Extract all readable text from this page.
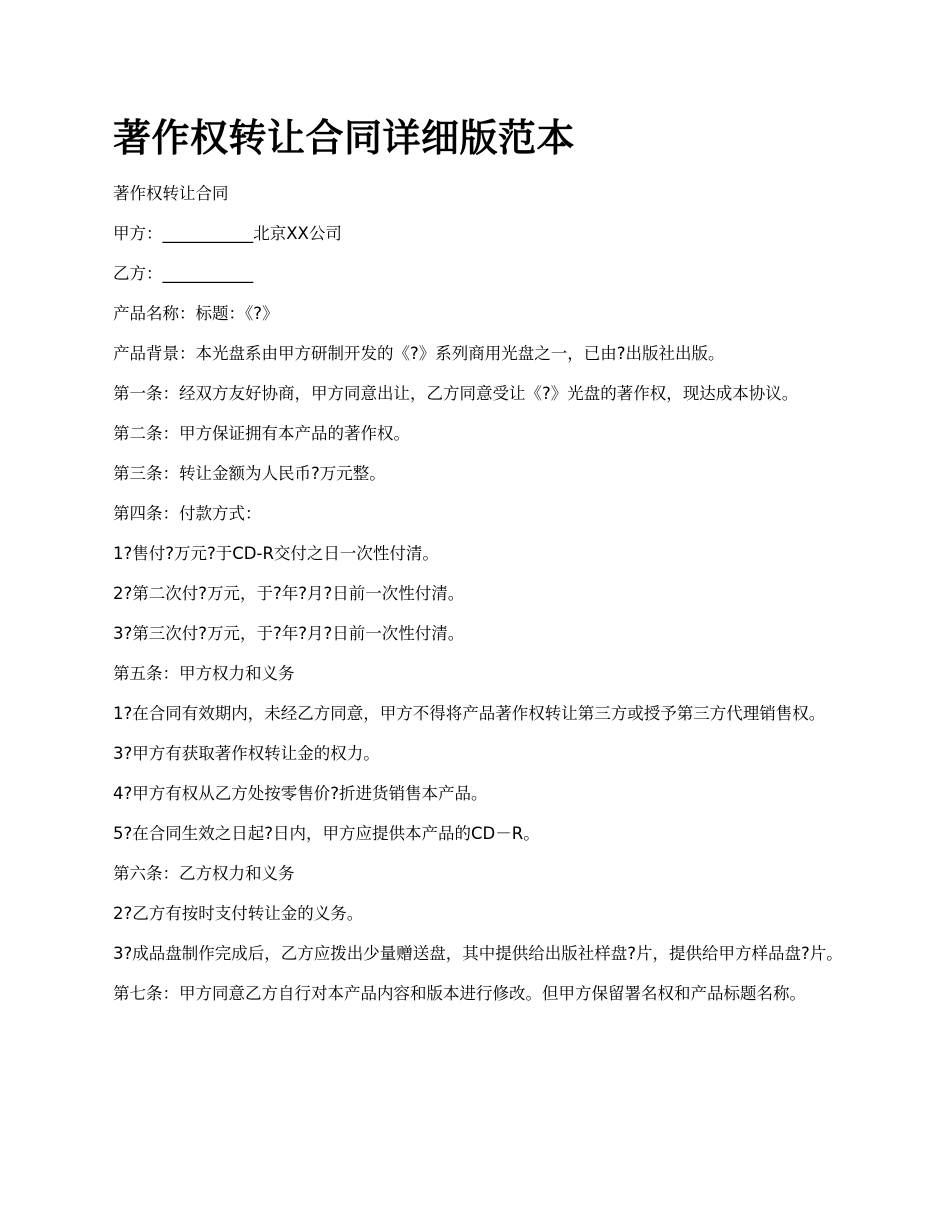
著作权转让合同详细版范本

著作权转让合同

甲方：___________北京XX公司

乙方：___________

产品名称：标题：《?》

产品背景：本光盘系由甲方研制开发的《?》系列商用光盘之一，已由?出版社出版。

第一条：经双方友好协商，甲方同意出让，乙方同意受让《?》光盘的著作权，现达成本协议。

第二条：甲方保证拥有本产品的著作权。

第三条：转让金额为人民币?万元整。

第四条：付款方式：

1?售付?万元?于CD-R交付之日一次性付清。

2?第二次付?万元，于?年?月?日前一次性付清。

3?第三次付?万元，于?年?月?日前一次性付清。

第五条：甲方权力和义务

1?在合同有效期内，未经乙方同意，甲方不得将产品著作权转让第三方或授予第三方代理销售权。

3?甲方有获取著作权转让金的权力。

4?甲方有权从乙方处按零售价?折进货销售本产品。

5?在合同生效之日起?日内，甲方应提供本产品的CD－R。

第六条：乙方权力和义务

2?乙方有按时支付转让金的义务。

3?成品盘制作完成后，乙方应拨出少量赠送盘，其中提供给出版社样盘?片，提供给甲方样品盘?片。

第七条：甲方同意乙方自行对本产品内容和版本进行修改。但甲方保留署名权和产品标题名称。
